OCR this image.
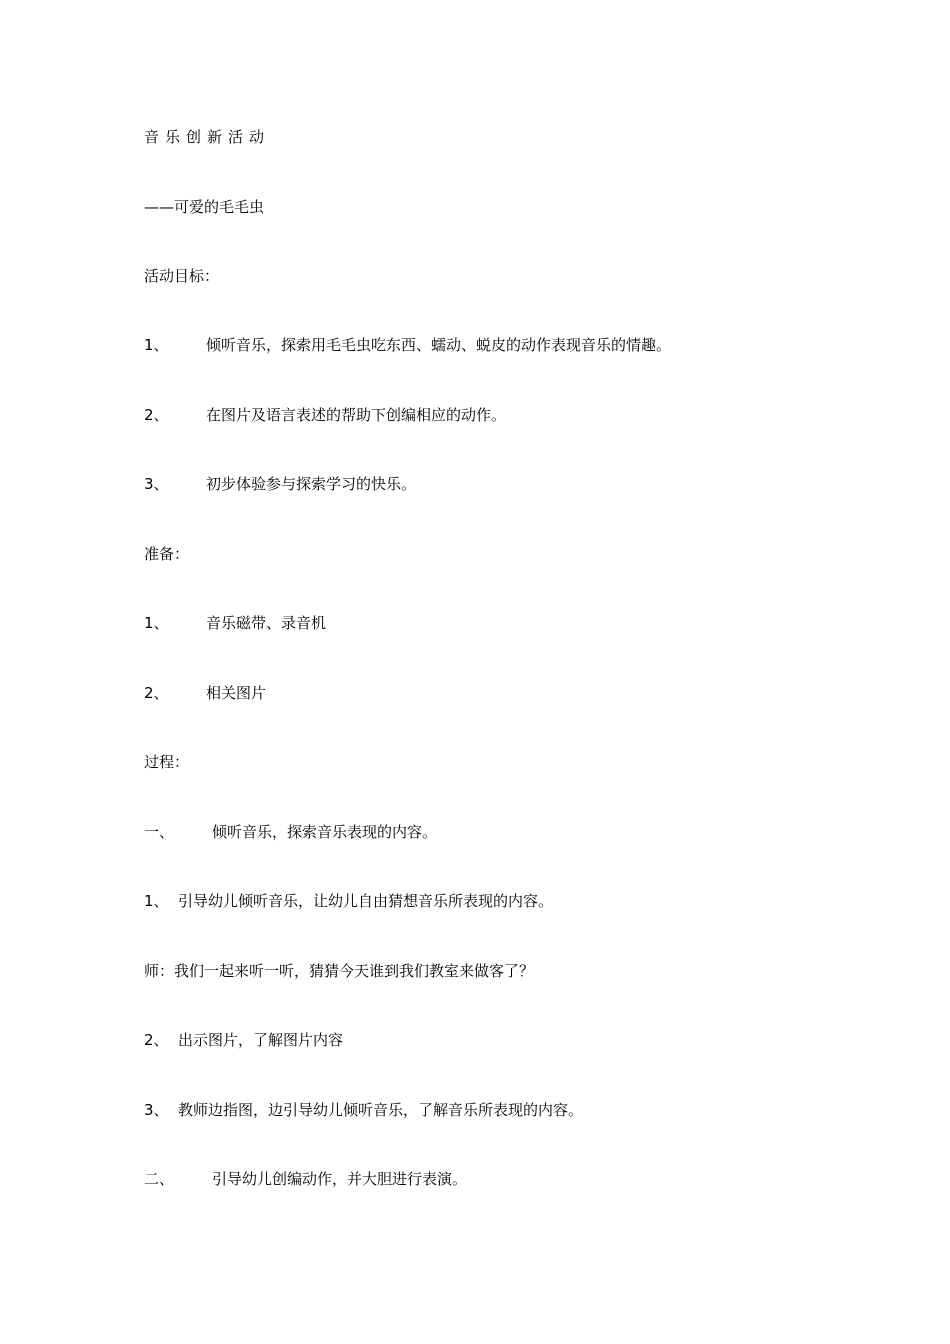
音乐创新活动
——可爱的毛毛虫
活动目标：
1、 倾听音乐，探索用毛毛虫吃东西、蠕动、蜕皮的动作表现音乐的情趣。
2、 在图片及语言表述的帮助下创编相应的动作。
3、 初步体验参与探索学习的快乐。
准备：
1、 音乐磁带、录音机
2、 相关图片
过程：
一、	倾听音乐，探索音乐表现的内容。
1、 引导幼儿倾听音乐，让幼儿自由猜想音乐所表现的内容。
师：我们一起来听一听，猜猜今天谁到我们教室来做客了？
2、 出示图片，了解图片内容
3、 教师边指图，边引导幼儿倾听音乐，了解音乐所表现的内容。
二、	引导幼儿创编动作，并大胆进行表演。
